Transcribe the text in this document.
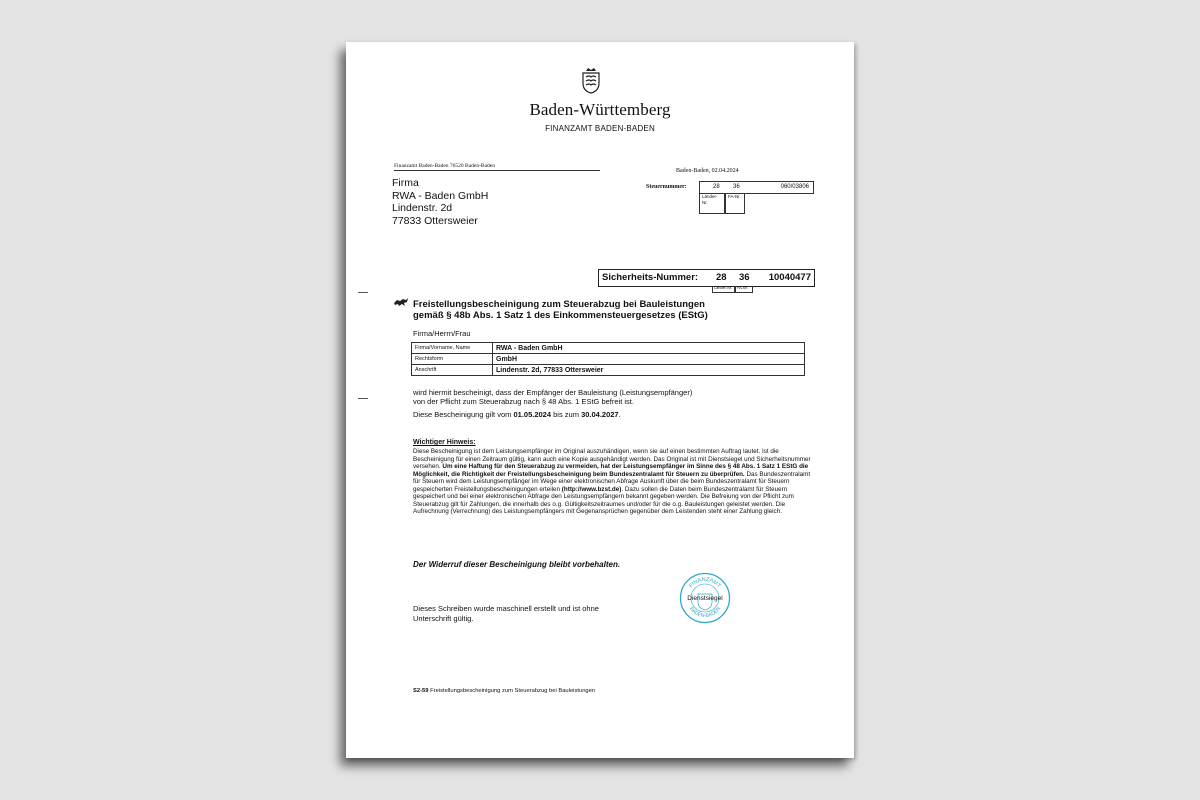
Baden-Württemberg
FINANZAMT BADEN-BADEN
Finanzamt Baden-Baden 76520 Baden-Baden
Firma
RWA - Baden GmbH
Lindenstr. 2d
77833 Ottersweier
Baden-Baden, 02.04.2024
Steuernummer:	28 36	060/03806
Länder-Nr.
FA-Nr.
Sicherheits-Nummer: 28 36 10040477
Länder-Nr.	FA-Nr.
Freistellungsbescheinigung zum Steuerabzug bei Bauleistungen
gemäß § 48b Abs. 1 Satz 1 des Einkommensteuergesetzes (EStG)
Firma/Herrn/Frau
Firma/Vorname, Name	RWA - Baden GmbH
Rechtsform	GmbH
Anschrift	Lindenstr. 2d, 77833 Ottersweier
wird hiermit bescheinigt, dass der Empfänger der Bauleistung (Leistungsempfänger) von der Pflicht zum Steuerabzug nach § 48 Abs. 1 EStG befreit ist.
Diese Bescheinigung gilt vom 01.05.2024 bis zum 30.04.2027.
Wichtiger Hinweis:
Diese Bescheinigung ist dem Leistungsempfänger im Original auszuhändigen, wenn sie auf einen bestimmten Auftrag lautet. Ist die Bescheinigung für einen Zeitraum gültig, kann auch eine Kopie ausgehändigt werden. Das Original ist mit Dienstsiegel und Sicherheitsnummer versehen. Um eine Haftung für den Steuerabzug zu vermeiden, hat der Leistungsempfänger im Sinne des § 48 Abs. 1 Satz 1 EStG die Möglichkeit, die Richtigkeit der Freistellungsbescheinigung beim Bundeszentralamt für Steuern zu überprüfen. Das Bundeszentralamt für Steuern wird dem Leistungsempfänger im Wege einer elektronischen Abfrage Auskunft über die beim Bundeszentralamt für Steuern gespeicherten Freistellungsbescheinigungen erteilen (http://www.bzst.de). Dazu sollen die Daten beim Bundeszentralamt für Steuern gespeichert und bei einer elektronischen Abfrage den Leistungsempfängern bekannt gegeben werden. Die Befreiung von der Pflicht zum Steuerabzug gilt für Zahlungen, die innerhalb des o.g. Gültigkeitszeitraumes und/oder für die o.g. Bauleistungen geleistet werden. Die Aufrechnung (Verrechnung) des Leistungsempfängers mit Gegenansprüchen gegenüber dem Leistenden steht einer Zahlung gleich.
Der Widerruf dieser Bescheinigung bleibt vorbehalten.
FINANZAMT
BADEN-BADEN
Dienstsiegel
Dieses Schreiben wurde maschinell erstellt und ist ohne Unterschrift gültig.
S2-59 Freistellungsbescheinigung zum Steuerabzug bei Bauleistungen
